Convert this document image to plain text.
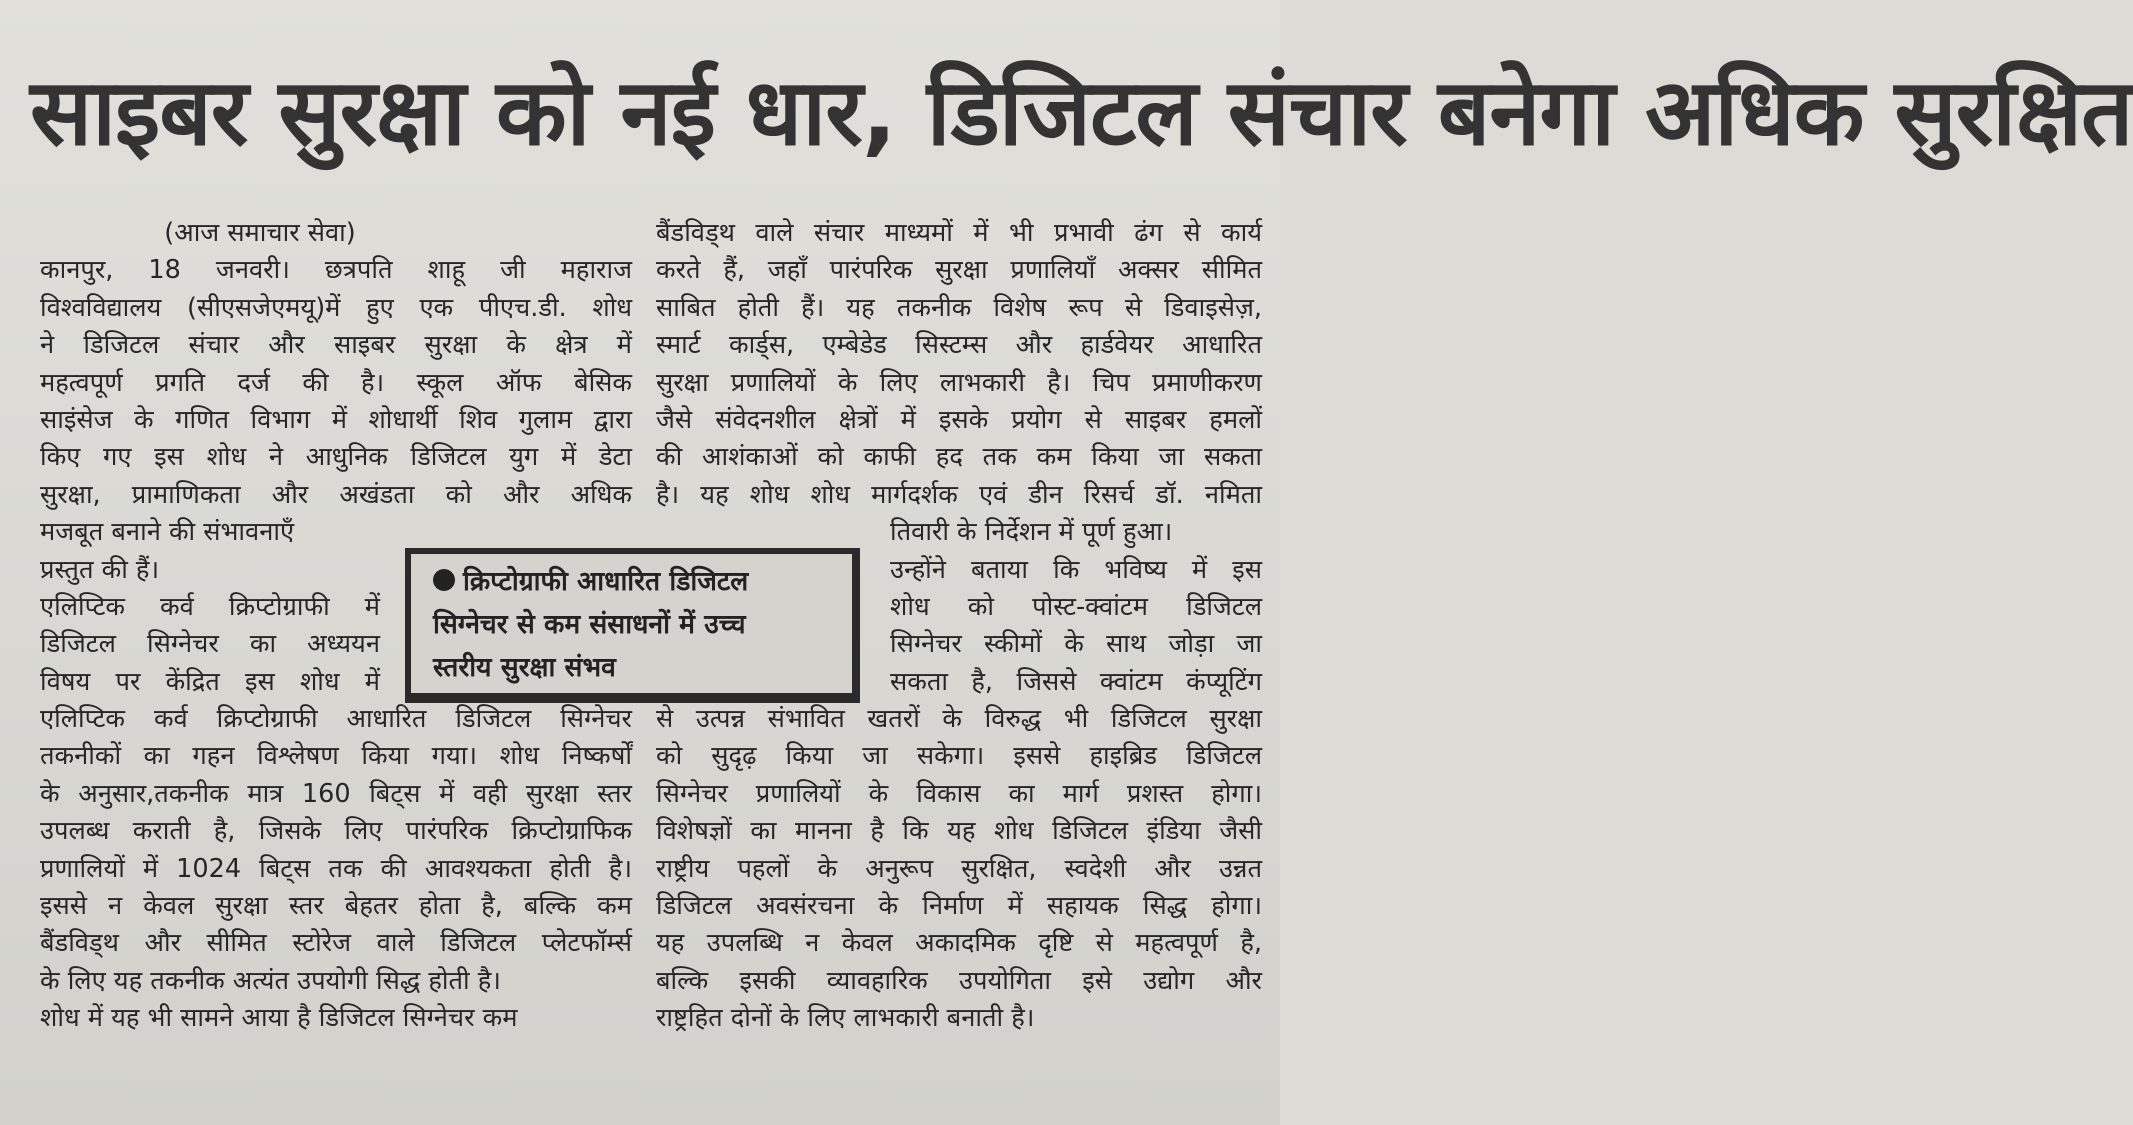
साइबर सुरक्षा को नई धार, डिजिटल संचार बनेगा अधिक सुरक्षित
(आज समाचार सेवा)
कानपुर, 18 जनवरी। छत्रपति शाहू जी महाराज
विश्वविद्यालय (सीएसजेएमयू)में हुए एक पीएच.डी. शोध
ने डिजिटल संचार और साइबर सुरक्षा के क्षेत्र में
महत्वपूर्ण प्रगति दर्ज की है। स्कूल ऑफ बेसिक
साइंसेज के गणित विभाग में शोधार्थी शिव गुलाम द्वारा
किए गए इस शोध ने आधुनिक डिजिटल युग में डेटा
सुरक्षा, प्रामाणिकता और अखंडता को और अधिक
मजबूत बनाने की संभावनाएँ
प्रस्तुत की हैं।
एलिप्टिक कर्व क्रिप्टोग्राफी में
डिजिटल सिग्नेचर का अध्ययन
विषय पर केंद्रित इस शोध में
एलिप्टिक कर्व क्रिप्टोग्राफी आधारित डिजिटल सिग्नेचर
तकनीकों का गहन विश्लेषण किया गया। शोध निष्कर्षों
के अनुसार,तकनीक मात्र 160 बिट्स में वही सुरक्षा स्तर
उपलब्ध कराती है, जिसके लिए पारंपरिक क्रिप्टोग्राफिक
प्रणालियों में 1024 बिट्स तक की आवश्यकता होती है।
इससे न केवल सुरक्षा स्तर बेहतर होता है, बल्कि कम
बैंडविड्थ और सीमित स्टोरेज वाले डिजिटल प्लेटफॉर्म्स
के लिए यह तकनीक अत्यंत उपयोगी सिद्ध होती है।
शोध में यह भी सामने आया है डिजिटल सिग्नेचर कम
बैंडविड्थ वाले संचार माध्यमों में भी प्रभावी ढंग से कार्य
करते हैं, जहाँ पारंपरिक सुरक्षा प्रणालियाँ अक्सर सीमित
साबित होती हैं। यह तकनीक विशेष रूप से डिवाइसेज़,
स्मार्ट कार्ड्स, एम्बेडेड सिस्टम्स और हार्डवेयर आधारित
सुरक्षा प्रणालियों के लिए लाभकारी है। चिप प्रमाणीकरण
जैसे संवेदनशील क्षेत्रों में इसके प्रयोग से साइबर हमलों
की आशंकाओं को काफी हद तक कम किया जा सकता
है। यह शोध शोध मार्गदर्शक एवं डीन रिसर्च डॉ. नमिता
तिवारी के निर्देशन में पूर्ण हुआ।
उन्होंने बताया कि भविष्य में इस
शोध को पोस्ट-क्वांटम डिजिटल
सिग्नेचर स्कीमों के साथ जोड़ा जा
सकता है, जिससे क्वांटम कंप्यूटिंग
से उत्पन्न संभावित खतरों के विरुद्ध भी डिजिटल सुरक्षा
को सुदृढ़ किया जा सकेगा। इससे हाइब्रिड डिजिटल
सिग्नेचर प्रणालियों के विकास का मार्ग प्रशस्त होगा।
विशेषज्ञों का मानना है कि यह शोध डिजिटल इंडिया जैसी
राष्ट्रीय पहलों के अनुरूप सुरक्षित, स्वदेशी और उन्नत
डिजिटल अवसंरचना के निर्माण में सहायक सिद्ध होगा।
यह उपलब्धि न केवल अकादमिक दृष्टि से महत्वपूर्ण है,
बल्कि इसकी व्यावहारिक उपयोगिता इसे उद्योग और
राष्ट्रहित दोनों के लिए लाभकारी बनाती है।
क्रिप्टोग्राफी आधारित डिजिटल
सिग्नेचर से कम संसाधनों में उच्च
स्तरीय सुरक्षा संभव
